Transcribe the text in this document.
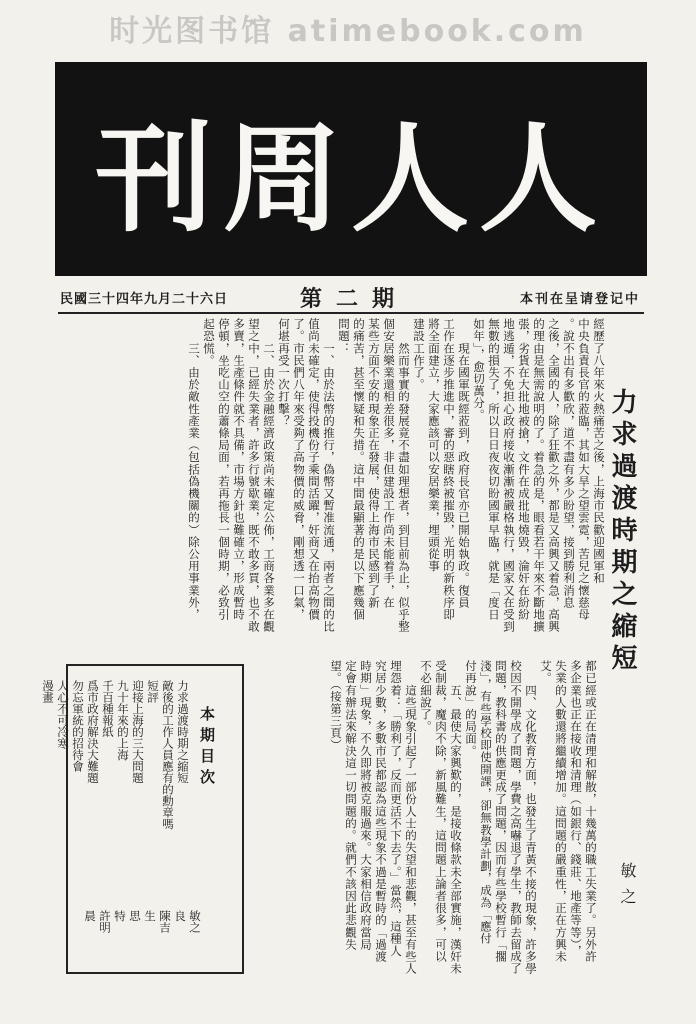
时光图书馆 atimebook.com
人人周刊
民國三十四年九月二十六日	第二期	本刊在呈请登记中
力求過渡時期之縮短
敏之
經歷了八年來火熱痛苦之後，上海市民歡迎國軍和
中央負責長官的蒞臨，其如大旱之望雲霓，苦兒之懷慈母
。說不出有多歡欣，道不盡有多少盼望，接到勝利消息
之後，全國的人，除了狂歡之外，都是又高興又着急，高興
的理由是無需說明的了。着急的是，眼看若干年來不斷地擴
張，劣貨在大批地被搶，文件在成批地燒毀，淪奸在紛紛
地逃遁，不免担心政府接收漸漸被嚴格執行，國家又在受到
無數的損失了，所以日日夜夜切盼國軍早臨，就是「度日
如年」，愈切萬分。
　　現在國軍既經蒞到，政府長官亦已開始執政。復員
工作在逐步推進中，審的惡瞎終被摧毀，光明的新秩序即
將全面建立，大家應該可以安居樂業，埋頭從事
建設工作了。
　　然而事實的發展竟不盡如理想者，到目前為止，似乎整
個安居樂業還相差很多，非但建設工作尚未能着手，在
某些方面不安的現象正在發展，使得上海市民感到了新
的痛苦，甚至懷疑和失措。這中間最顯著的是以下應幾個
問題：
　　一、由於法幣的推行，偽幣又暫准流通，兩者之間的比
值尚未確定，使得投機份子乘間活躍，奸商又在抬高物價
了。市民們八年來受夠了高物價的威脅，剛想透一口氣，
何堪再受一次打擊？
　　二、由於金融經濟政策尚未確定公佈，工商各業多在觀
望之中，已經失業者，許多行號歇業，既不敢多買，也不敢
多賣，生產條件就不具備，市場方針也難確立，形成暫時
停頓，坐吃山空的蕭條局面，若再拖長一個時期，必致引
起恐慌。
　　三、由於敵性產業（包括偽機關的）除公用事業外，
都已經或正在清理和解散，十幾萬的職工失業了。另外許
多企業也正在接收和清理（如銀行、錢莊、地產等等），
失業的人數還將繼續增加。這問題的嚴重性，正在方興未
艾。
　　四、文化教育方面，也發生了青黃不接的現象，許多學
校因不開學成了問題，學費之高嚇退了學生，教師去留成了
問題，教科書的供應更成了問題，因而有些學校暫行「擱
淺」，有些學校即使開課，卻無教學計劃，成為「應付
付再說」的局面。
　　五、最使大家興歎的，是接收條款未全部實施，漢奸未
受制裁，魔肉不除，新風難生，這問題上論者很多，可以
不必細說了。
　　這些現象引起了一部份人士的失望和悲觀，甚至有些人
埋怨着：「勝利了，反而更活不下去了。」當然，這種人
究居少數，多數市民都認為這些現象不過是暫時的「過渡
時期」現象，不久即將被克服過來。大家相信政府當局
定會有辦法來解決這一切問題的。就們不該因此悲觀失
望。（接第三頁）
本期目次
力求過渡時期之縮短
敵後的工作人員應有的勳章嗎
短評
迎接上海的三大問題
九十年來的上海
千百種報紙
爲市政府解決大難題
勿忘軍統的招待會
人心不可冷寒
漫畫
敏之
良
陳吉
生
思
特
許明
晨
